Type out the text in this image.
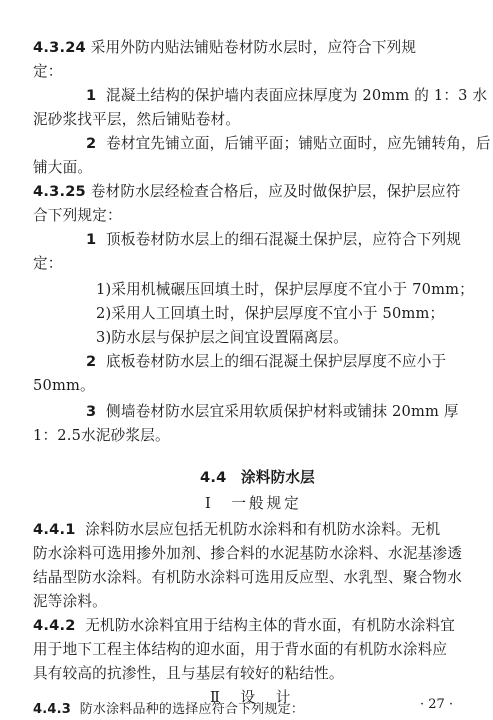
4.3.24 采用外防内贴法铺贴卷材防水层时，应符合下列规
定：
1 混凝土结构的保护墙内表面应抹厚度为 20mm 的 1：3 水
泥砂浆找平层，然后铺贴卷材。
2 卷材宜先铺立面，后铺平面；铺贴立面时，应先铺转角，后
铺大面。
4.3.25 卷材防水层经检查合格后，应及时做保护层，保护层应符
合下列规定：
1 顶板卷材防水层上的细石混凝土保护层，应符合下列规
定：
1)采用机械碾压回填土时，保护层厚度不宜小于 70mm；
2)采用人工回填土时，保护层厚度不宜小于 50mm；
3)防水层与保护层之间宜设置隔离层。
2 底板卷材防水层上的细石混凝土保护层厚度不应小于
50mm。
3 侧墙卷材防水层宜采用软质保护材料或铺抹 20mm 厚
1：2.5水泥砂浆层。
4.4 涂料防水层
Ⅰ　一般规定
4.4.1 涂料防水层应包括无机防水涂料和有机防水涂料。无机
防水涂料可选用掺外加剂、掺合料的水泥基防水涂料、水泥基渗透
结晶型防水涂料。有机防水涂料可选用反应型、水乳型、聚合物水
泥等涂料。
4.4.2 无机防水涂料宜用于结构主体的背水面，有机防水涂料宜
用于地下工程主体结构的迎水面，用于背水面的有机防水涂料应
具有较高的抗渗性，且与基层有较好的粘结性。
Ⅱ　设　计
4.4.3 防水涂料品种的选择应符合下列规定：	· 27 ·
